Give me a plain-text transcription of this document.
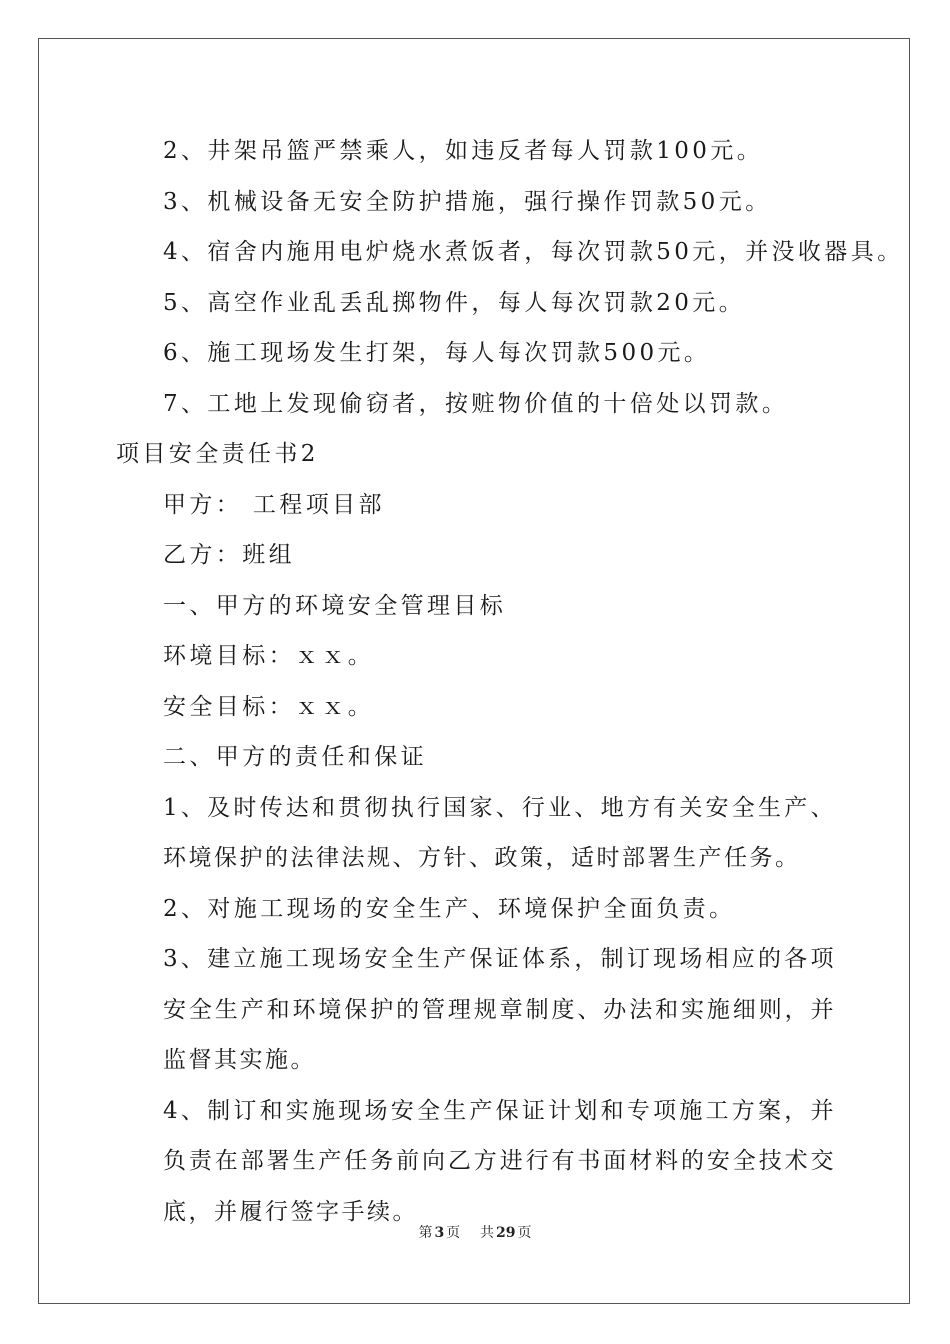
2、井架吊篮严禁乘人，如违反者每人罚款100元。

3、机械设备无安全防护措施，强行操作罚款50元。

4、宿舍内施用电炉烧水煮饭者，每次罚款50元，并没收器具。

5、高空作业乱丢乱掷物件，每人每次罚款20元。

6、施工现场发生打架，每人每次罚款500元。

7、工地上发现偷窃者，按赃物价值的十倍处以罚款。

项目安全责任书2

甲方： 工程项目部

乙方：班组

一、甲方的环境安全管理目标

环境目标：ｘｘ。

安全目标：ｘｘ。

二、甲方的责任和保证

1、及时传达和贯彻执行国家、行业、地方有关安全生产、环境保护的法律法规、方针、政策，适时部署生产任务。

2、对施工现场的安全生产、环境保护全面负责。

3、建立施工现场安全生产保证体系，制订现场相应的各项安全生产和环境保护的管理规章制度、办法和实施细则，并监督其实施。

4、制订和实施现场安全生产保证计划和专项施工方案，并负责在部署生产任务前向乙方进行有书面材料的安全技术交底，并履行签字手续。

第 3 页 共 29 页
